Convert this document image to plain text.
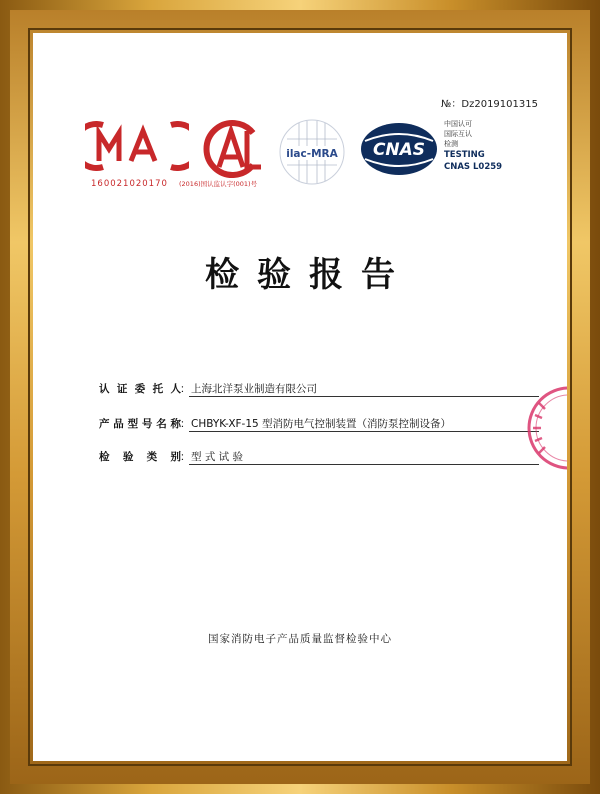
№：Dz2019101315
160021020170 (2016)国认监认字(001)号
ilac-MRA CNAS
中国认可
国际互认
检测
TESTING
CNAS L0259
检验报告
认证委托人 ： 上海北洋泵业制造有限公司
产品型号名称 ： CHBYK-XF-15 型消防电气控制装置（消防泵控制设备）
检验类别 ： 型 式 试 验
国家消防电子产品质量监督检验中心
